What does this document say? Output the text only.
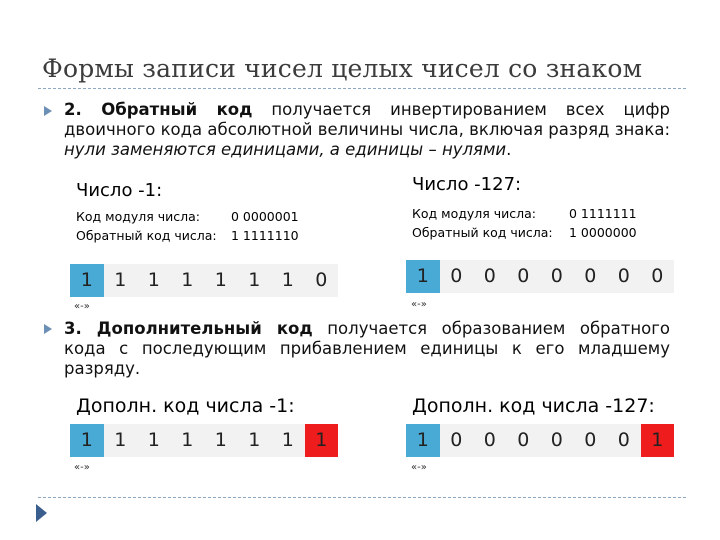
Формы записи чисел целых чисел со знаком
2. Обратный код получается инвертированием всех цифр двоичного кода абсолютной величины числа, включая разряд знака: нули заменяются единицами, а единицы – нулями.
Число -1:
Код модуля числа: 0 0000001
Обратный код числа: 1 1111110
1	1	1	1	1	1	1	0
«-»
Число -127:
Код модуля числа:	0 1111111
Обратный код числа: 1 0000000
1	0	0	0	0	0	0	0
«-»
3. Дополнительный код получается образованием обратного кода с последующим прибавлением единицы к его младшему разряду.
Дополн. код числа -1:
1	1	1	1	1	1	1	1
«-»
Дополн. код числа -127:
1	0	0	0	0	0	0	1
«-»
